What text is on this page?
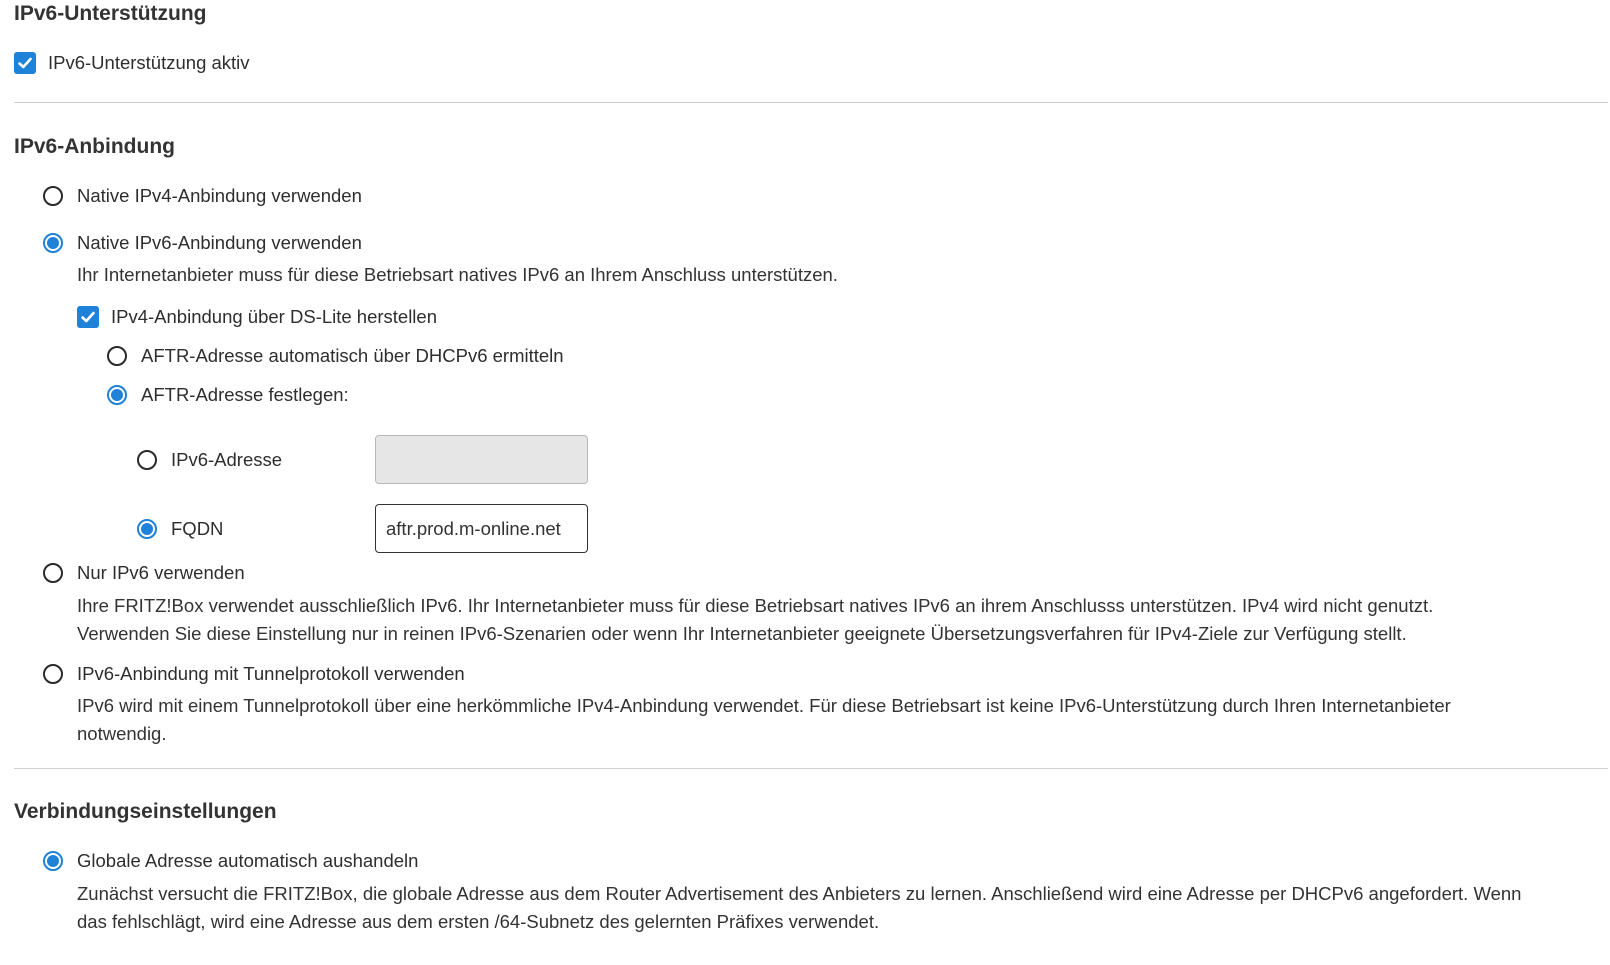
IPv6-Unterstützung
IPv6-Unterstützung aktiv
IPv6-Anbindung
Native IPv4-Anbindung verwenden
Native IPv6-Anbindung verwenden
Ihr Internetanbieter muss für diese Betriebsart natives IPv6 an Ihrem Anschluss unterstützen.
IPv4-Anbindung über DS-Lite herstellen
AFTR-Adresse automatisch über DHCPv6 ermitteln
AFTR-Adresse festlegen:
IPv6-Adresse
FQDN
aftr.prod.m-online.net
Nur IPv6 verwenden
Ihre FRITZ!Box verwendet ausschließlich IPv6. Ihr Internetanbieter muss für diese Betriebsart natives IPv6 an ihrem Anschlusss unterstützen. IPv4 wird nicht genutzt.
Verwenden Sie diese Einstellung nur in reinen IPv6-Szenarien oder wenn Ihr Internetanbieter geeignete Übersetzungsverfahren für IPv4-Ziele zur Verfügung stellt.
IPv6-Anbindung mit Tunnelprotokoll verwenden
IPv6 wird mit einem Tunnelprotokoll über eine herkömmliche IPv4-Anbindung verwendet. Für diese Betriebsart ist keine IPv6-Unterstützung durch Ihren Internetanbieter
notwendig.
Verbindungseinstellungen
Globale Adresse automatisch aushandeln
Zunächst versucht die FRITZ!Box, die globale Adresse aus dem Router Advertisement des Anbieters zu lernen. Anschließend wird eine Adresse per DHCPv6 angefordert. Wenn
das fehlschlägt, wird eine Adresse aus dem ersten /64-Subnetz des gelernten Präfixes verwendet.
